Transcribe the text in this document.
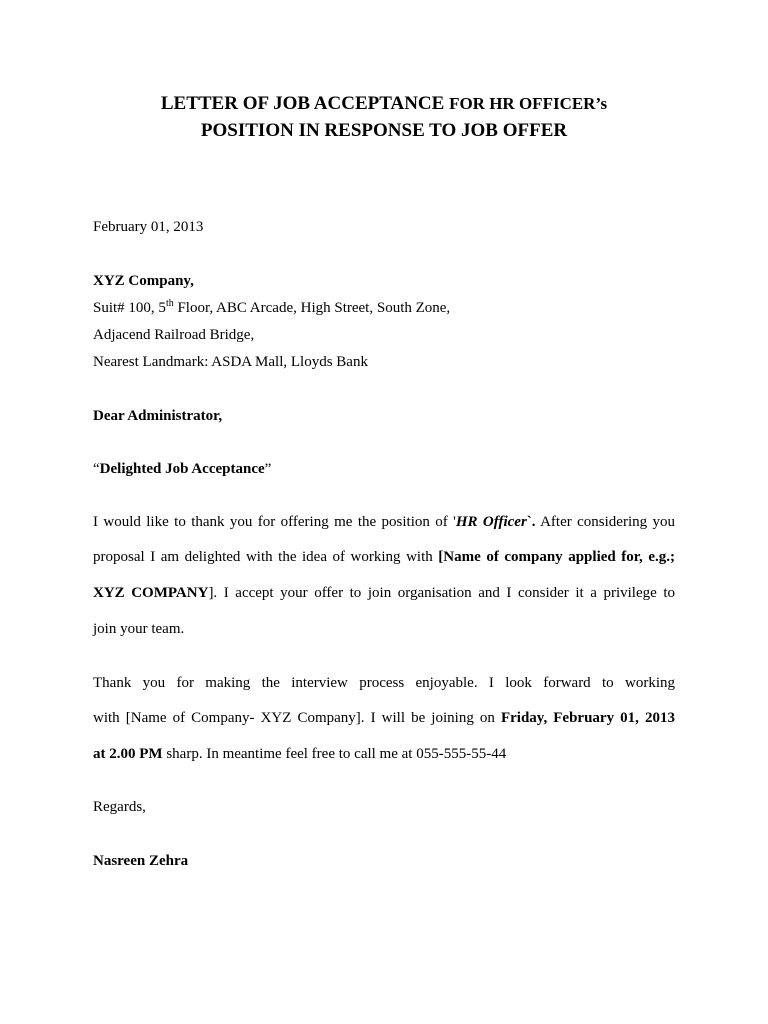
LETTER OF JOB ACCEPTANCE FOR HR OFFICER’s
POSITION IN RESPONSE TO JOB OFFER
February 01, 2013
XYZ Company,
Suit# 100, 5th Floor, ABC Arcade, High Street, South Zone,
Adjacend Railroad Bridge,
Nearest Landmark: ASDA Mall, Lloyds Bank
Dear Administrator,
“Delighted Job Acceptance”
I would like to thank you for offering me the position of 'HR Officer`. After considering you
proposal I am delighted with the idea of working with [Name of company applied for, e.g.;
XYZ COMPANY]. I accept your offer to join organisation and I consider it a privilege to
join your team.
Thank you for making the interview process enjoyable. I look forward to working
with [Name of Company- XYZ Company]. I will be joining on Friday, February 01, 2013
at 2.00 PM sharp. In meantime feel free to call me at 055-555-55-44
Regards,
Nasreen Zehra
